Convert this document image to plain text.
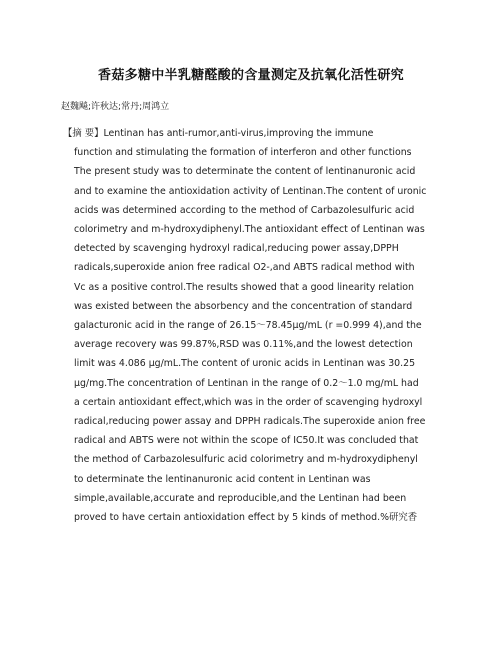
香菇多糖中半乳糖醛酸的含量测定及抗氧化活性研究
赵魏飚;许秋达;常丹;周鸿立
【摘 要】Lentinan has anti-rumor,anti-virus,improving the immune
function and stimulating the formation of interferon and other functions
The present study was to determinate the content of lentinanuronic acid
and to examine the antioxidation activity of Lentinan.The content of uronic
acids was determined according to the method of Carbazolesulfuric acid
colorimetry and m-hydroxydiphenyl.The antioxidant effect of Lentinan was
detected by scavenging hydroxyl radical,reducing power assay,DPPH
radicals,superoxide anion free radical O2-,and ABTS radical method with
Vc as a positive control.The results showed that a good linearity relation
was existed between the absorbency and the concentration of standard
galacturonic acid in the range of 26.15～78.45μg/mL (r =0.999 4),and the
average recovery was 99.87%,RSD was 0.11%,and the lowest detection
limit was 4.086 μg/mL.The content of uronic acids in Lentinan was 30.25
μg/mg.The concentration of Lentinan in the range of 0.2～1.0 mg/mL had
a certain antioxidant effect,which was in the order of scavenging hydroxyl
radical,reducing power assay and DPPH radicals.The superoxide anion free
radical and ABTS were not within the scope of IC50.It was concluded that
the method of Carbazolesulfuric acid colorimetry and m-hydroxydiphenyl
to determinate the lentinanuronic acid content in Lentinan was
simple,available,accurate and reproducible,and the Lentinan had been
proved to have certain antioxidation effect by 5 kinds of method.%研究香
